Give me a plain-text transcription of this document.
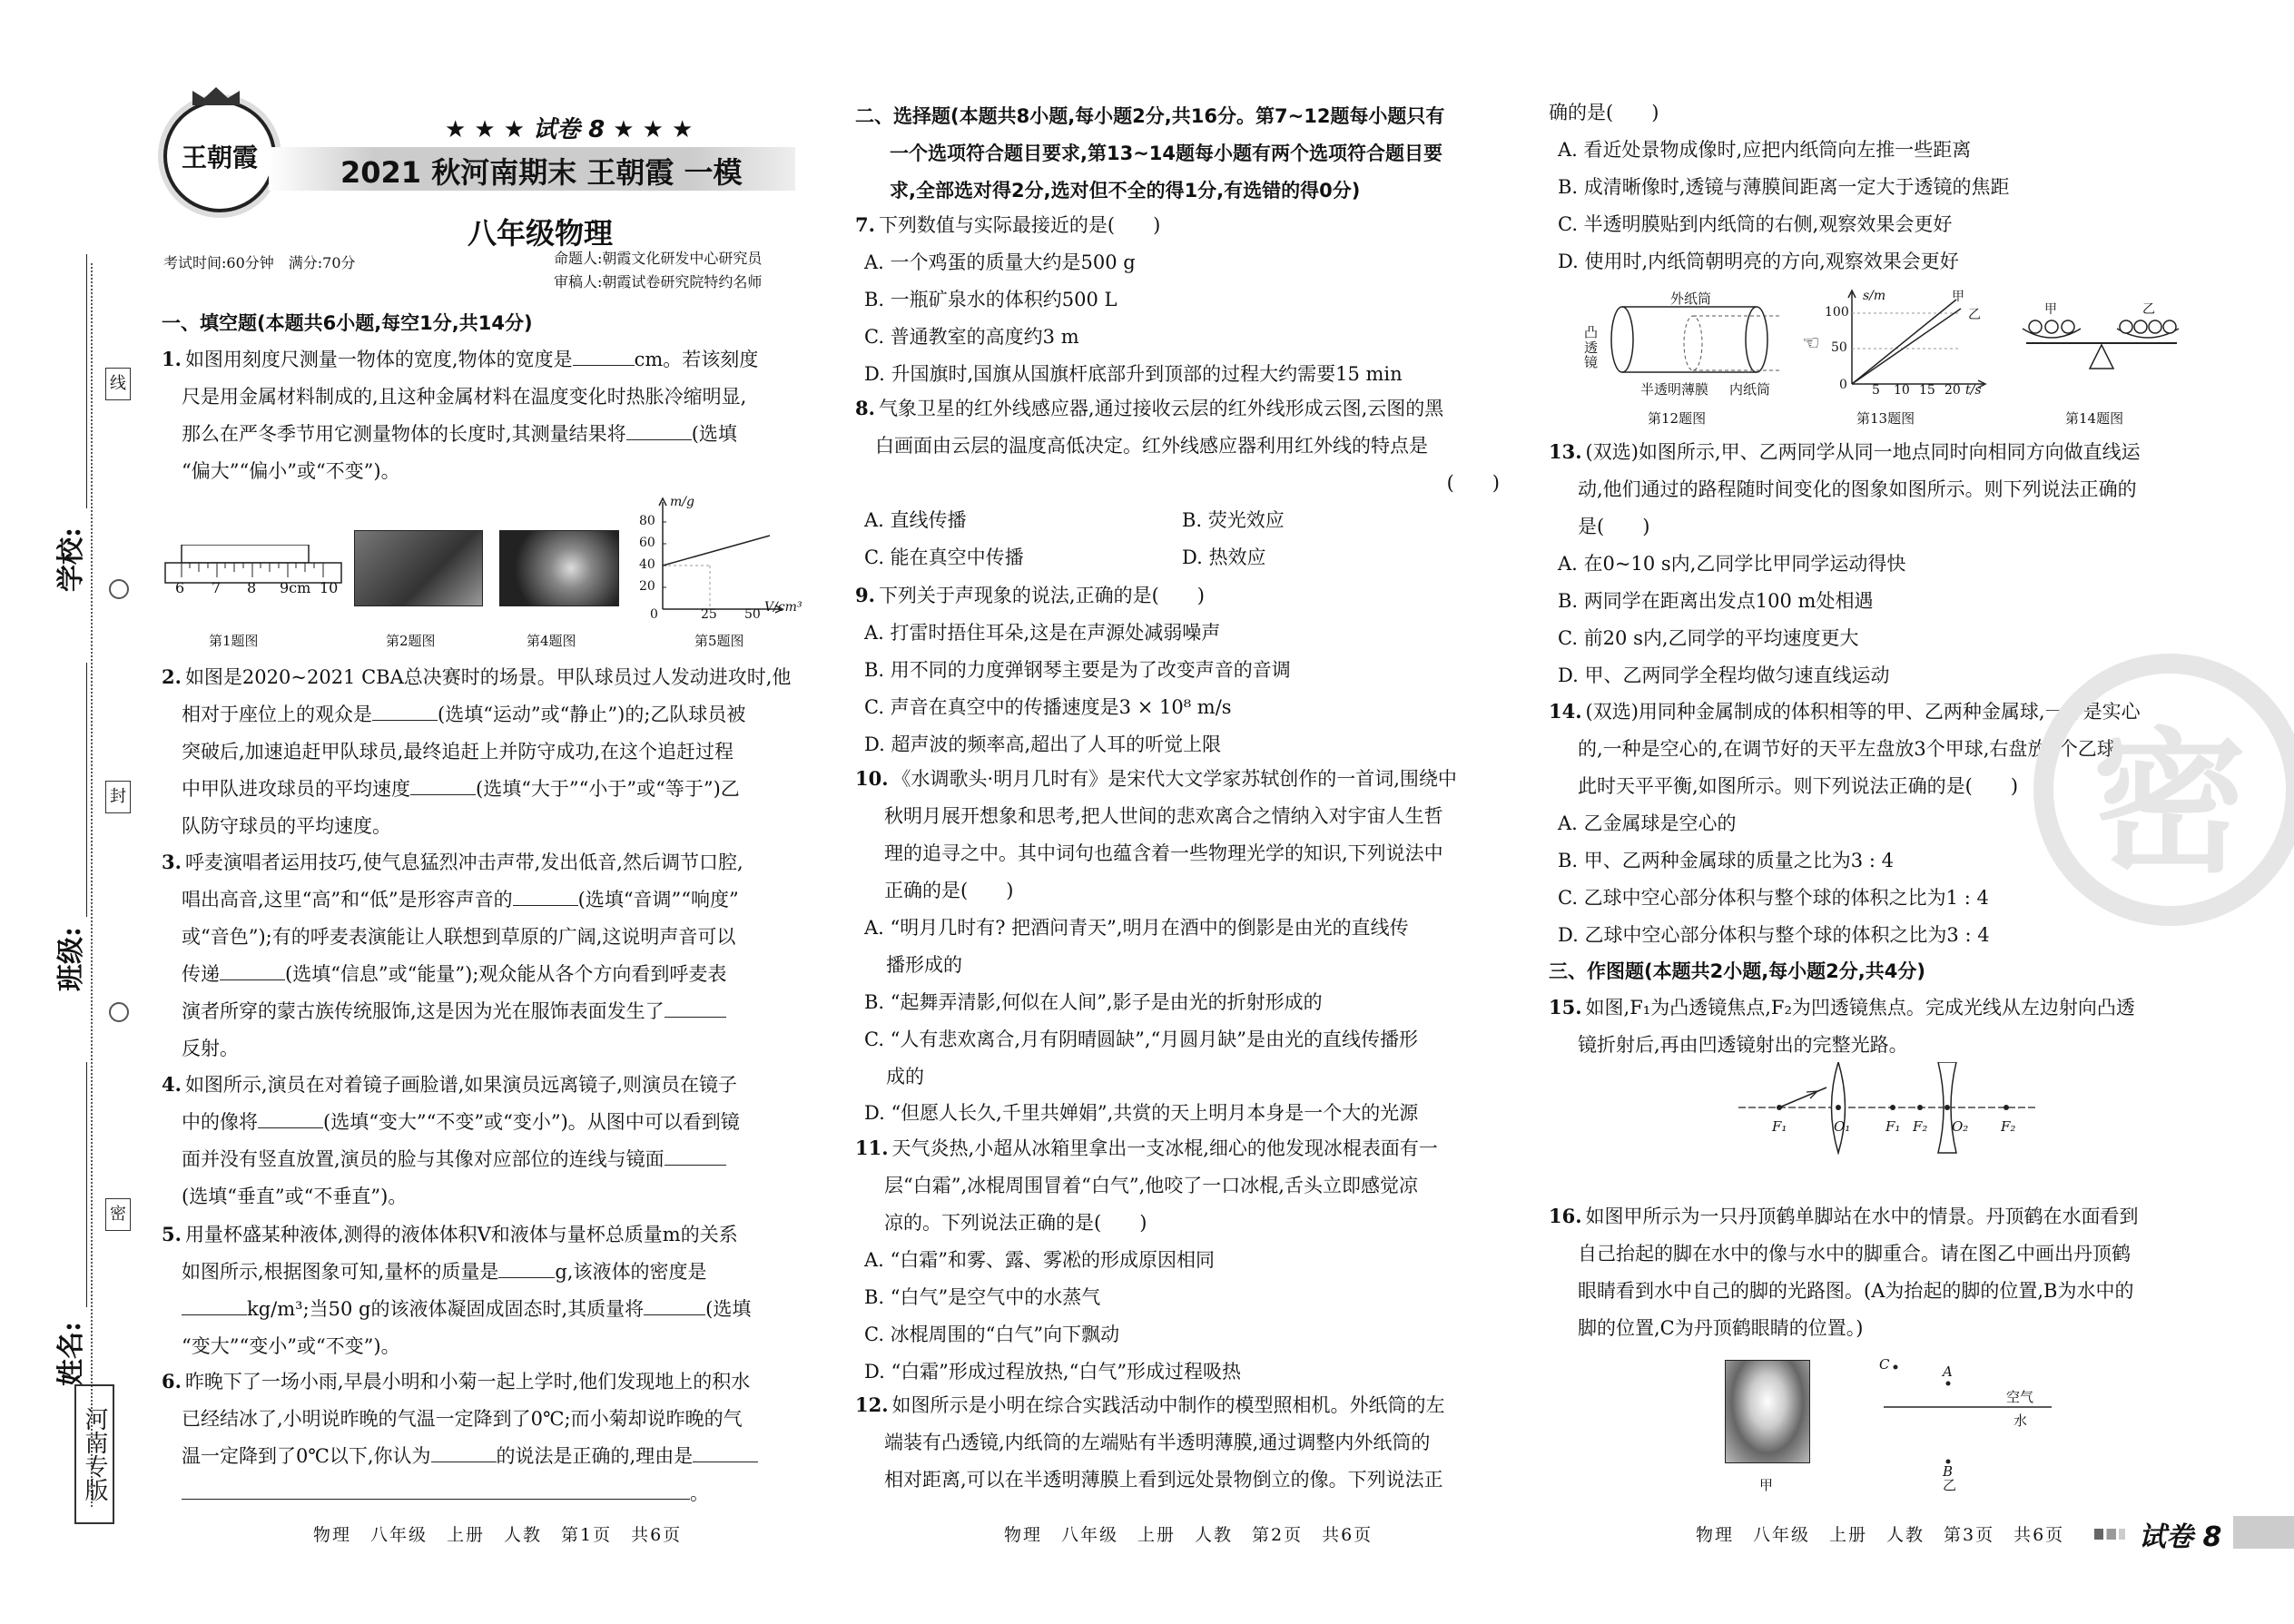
线
封
密
学校:
班级:
姓名:
河南专版
王朝霞
★ ★ ★ 试卷 8 ★ ★ ★
2021 秋河南期末 王朝霞 一模
八年级物理
考试时间:60分钟　满分:70分	命题人:朝霞文化研发中心研究员
审稿人:朝霞试卷研究院特约名师
一、填空题(本题共6小题,每空1分,共14分)
1. 如图用刻度尺测量一物体的宽度,物体的宽度是	cm。若该刻度
尺是用金属材料制成的,且这种金属材料在温度变化时热胀冷缩明显,
那么在严冬季节用它测量物体的长度时,其测量结果将	(选填
“偏大”“偏小”或“不变”)。
6 7 8 9cm 10
m/g
80
60
40
20
0	25 50 V/cm³
第1题图	第2题图	第4题图	第5题图
2. 如图是2020~2021 CBA总决赛时的场景。甲队球员过人发动进攻时,他
相对于座位上的观众是	(选填“运动”或“静止”)的;乙队球员被
突破后,加速追赶甲队球员,最终追赶上并防守成功,在这个追赶过程
中甲队进攻球员的平均速度	(选填“大于”“小于”或“等于”)乙
队防守球员的平均速度。
3. 呼麦演唱者运用技巧,使气息猛烈冲击声带,发出低音,然后调节口腔,
唱出高音,这里“高”和“低”是形容声音的	(选填“音调”“响度”
或“音色”);有的呼麦表演能让人联想到草原的广阔,这说明声音可以
传递	(选填“信息”或“能量”);观众能从各个方向看到呼麦表
演者所穿的蒙古族传统服饰,这是因为光在服饰表面发生了
反射。
4. 如图所示,演员在对着镜子画脸谱,如果演员远离镜子,则演员在镜子
中的像将	(选填“变大”“不变”或“变小”)。从图中可以看到镜
面并没有竖直放置,演员的脸与其像对应部位的连线与镜面
(选填“垂直”或“不垂直”)。
5. 用量杯盛某种液体,测得的液体体积V和液体与量杯总质量m的关系
如图所示,根据图象可知,量杯的质量是	g,该液体的密度是
kg/m³;当50 g的该液体凝固成固态时,其质量将	(选填
“变大”“变小”或“不变”)。
6. 昨晚下了一场小雨,早晨小明和小菊一起上学时,他们发现地上的积水
已经结冰了,小明说昨晚的气温一定降到了0℃;而小菊却说昨晚的气
温一定降到了0℃以下,你认为	的说法是正确的,理由是
。
二、选择题(本题共8小题,每小题2分,共16分。第7~12题每小题只有
一个选项符合题目要求,第13~14题每小题有两个选项符合题目要
求,全部选对得2分,选对但不全的得1分,有选错的得0分)
7. 下列数值与实际最接近的是(　　)
A. 一个鸡蛋的质量大约是500 g
B. 一瓶矿泉水的体积约500 L
C. 普通教室的高度约3 m
D. 升国旗时,国旗从国旗杆底部升到顶部的过程大约需要15 min
8. 气象卫星的红外线感应器,通过接收云层的红外线形成云图,云图的黑
白画面由云层的温度高低决定。红外线感应器利用红外线的特点是

(　　)
A. 直线传播	B. 荧光效应 C. 能在真空中传播	D. 热效应
9. 下列关于声现象的说法,正确的是(　　)
A. 打雷时捂住耳朵,这是在声源处减弱噪声
B. 用不同的力度弹钢琴主要是为了改变声音的音调
C. 声音在真空中的传播速度是3 × 10⁸ m/s
D. 超声波的频率高,超出了人耳的听觉上限
10. 《水调歌头·明月几时有》是宋代大文学家苏轼创作的一首词,围绕中
秋明月展开想象和思考,把人世间的悲欢离合之情纳入对宇宙人生哲
理的追寻之中。其中词句也蕴含着一些物理光学的知识,下列说法中
正确的是(　　)
A. “明月几时有? 把酒问青天”,明月在酒中的倒影是由光的直线传
播形成的
B. “起舞弄清影,何似在人间”,影子是由光的折射形成的
C. “人有悲欢离合,月有阴晴圆缺”,“月圆月缺”是由光的直线传播形
成的
D. “但愿人长久,千里共婵娟”,共赏的天上明月本身是一个大的光源
11. 天气炎热,小超从冰箱里拿出一支冰棍,细心的他发现冰棍表面有一
层“白霜”,冰棍周围冒着“白气”,他咬了一口冰棍,舌头立即感觉凉
凉的。下列说法正确的是(　　)
A. “白霜”和雾、露、雾凇的形成原因相同
B. “白气”是空气中的水蒸气
C. 冰棍周围的“白气”向下飘动
D. “白霜”形成过程放热,“白气”形成过程吸热
12. 如图所示是小明在综合实践活动中制作的模型照相机。外纸筒的左
端装有凸透镜,内纸筒的左端贴有半透明薄膜,通过调整内外纸筒的
相对距离,可以在半透明薄膜上看到远处景物倒立的像。下列说法正
确的是(　　)
A. 看近处景物成像时,应把内纸筒向左推一些距离
B. 成清晰像时,透镜与薄膜间距离一定大于透镜的焦距
C. 半透明膜贴到内纸筒的右侧,观察效果会更好
D. 使用时,内纸筒朝明亮的方向,观察效果会更好
外纸筒
凸透镜
半透明薄膜 内纸筒
☜
s/m
100
50
0 5 10 15 20 t/s
甲
乙	甲	乙
第12题图	第13题图	第14题图
13. (双选)如图所示,甲、乙两同学从同一地点同时向相同方向做直线运
动,他们通过的路程随时间变化的图象如图所示。则下列说法正确的
是(　　)
A. 在0~10 s内,乙同学比甲同学运动得快
B. 两同学在距离出发点100 m处相遇
C. 前20 s内,乙同学的平均速度更大
D. 甲、乙两同学全程均做匀速直线运动
14. (双选)用同种金属制成的体积相等的甲、乙两种金属球,一种是实心
的,一种是空心的,在调节好的天平左盘放3个甲球,右盘放4个乙球,
此时天平平衡,如图所示。则下列说法正确的是(　　)
A. 乙金属球是空心的
B. 甲、乙两种金属球的质量之比为3 : 4
C. 乙球中空心部分体积与整个球的体积之比为1 : 4
D. 乙球中空心部分体积与整个球的体积之比为3 : 4
三、作图题(本题共2小题,每小题2分,共4分)
15. 如图,F₁为凸透镜焦点,F₂为凹透镜焦点。完成光线从左边射向凸透
镜折射后,再由凹透镜射出的完整光路。
F₁	O₁	F₁ F₂ O₂ F₂
16. 如图甲所示为一只丹顶鹤单脚站在水中的情景。丹顶鹤在水面看到
自己抬起的脚在水中的像与水中的脚重合。请在图乙中画出丹顶鹤
眼睛看到水中自己的脚的光路图。(A为抬起的脚的位置,B为水中的
脚的位置,C为丹顶鹤眼睛的位置。)
甲
C	A
B
空气
水
乙
密
物理　八年级　上册　人教　第1页　共6页	物理　八年级　上册　人教　第2页　共6页	物理　八年级　上册　人教　第3页　共6页	试卷 8
